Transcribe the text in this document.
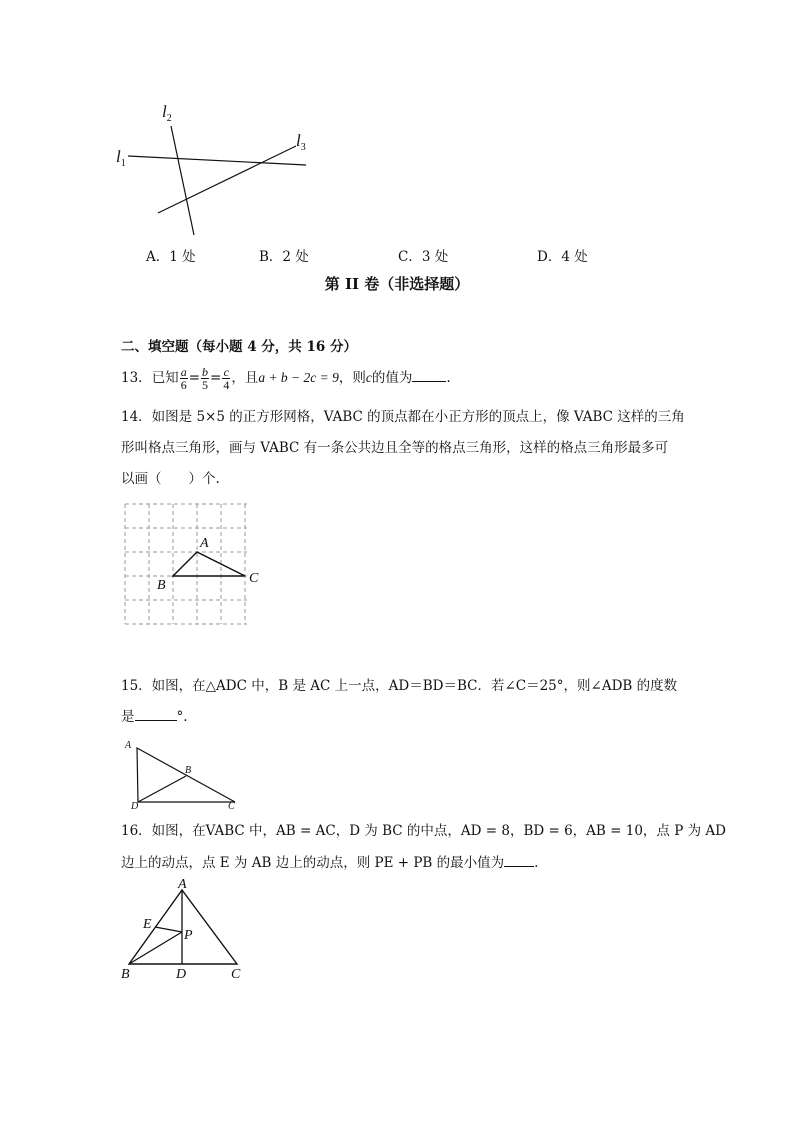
$l_1$
$l_2$
$l_3$
A．1 处	B．2 处	C．3 处	D．4 处
第 II 卷（非选择题）
二、填空题（每小题 4 分，共 16 分）
13．已知 $\frac{a}{6} = \frac{b}{5} = \frac{c}{4}$ ，且a + b − 2c = 9，则c的值为	.
14．如图是 5×5 的正方形网格，VABC 的顶点都在小正方形的顶点上，像 VABC 这样的三角
形叫格点三角形，画与 VABC 有一条公共边且全等的格点三角形，这样的格点三角形最多可
以画（　　）个.
A
B	C
15．如图，在△ADC 中，B 是 AC 上一点，AD＝BD＝BC．若∠C＝25°，则∠ADB 的度数
是	°.
A
B
D	C
16．如图，在VABC 中，AB = AC，D 为 BC 的中点，AD = 8，BD = 6，AB = 10，点 P 为 AD
边上的动点，点 E 为 AB 边上的动点，则 PE + PB 的最小值为 .
A
E
P
B	D	C
